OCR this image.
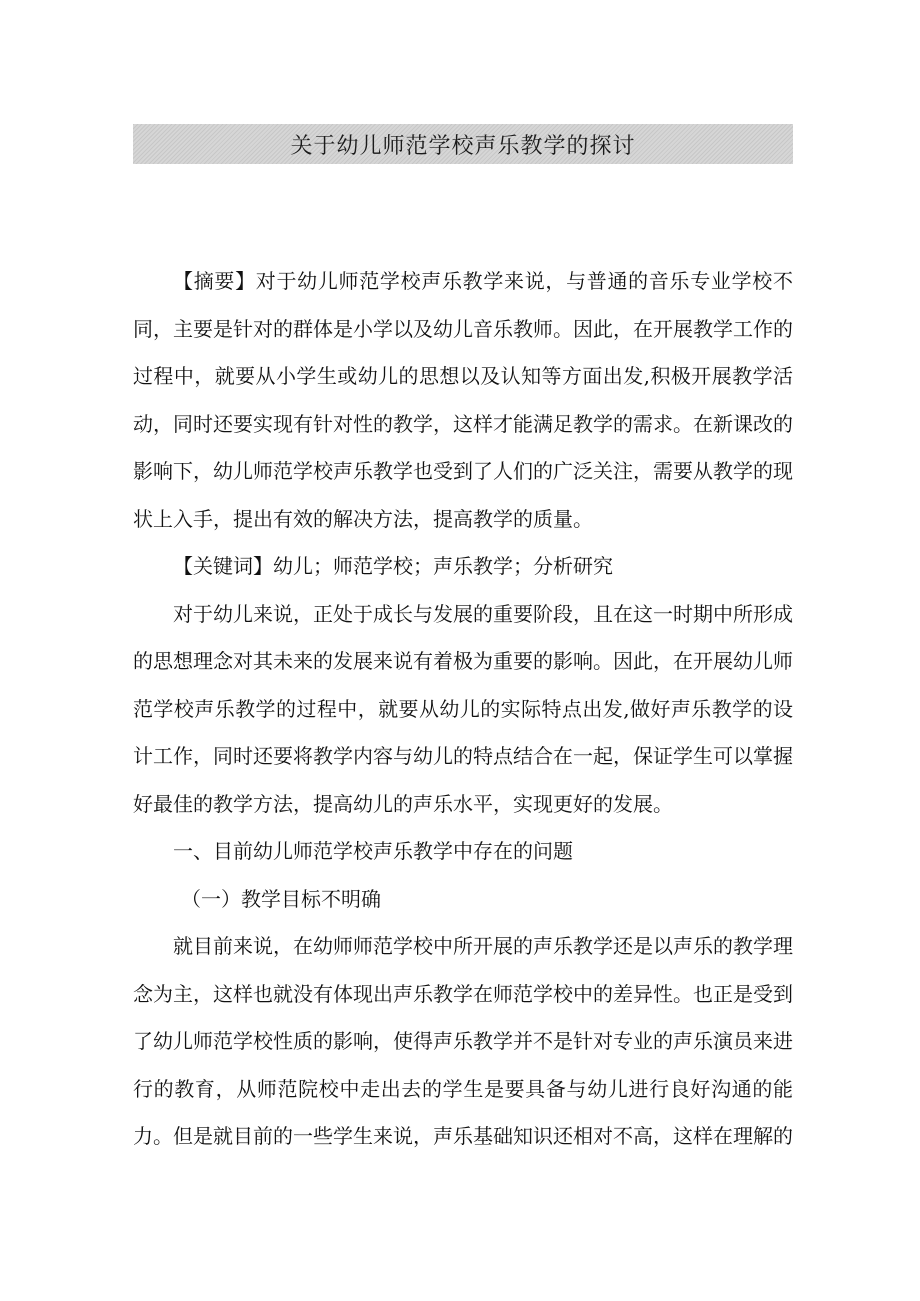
关于幼儿师范学校声乐教学的探讨

【摘要】对于幼儿师范学校声乐教学来说，与普通的音乐专业学校不同，主要是针对的群体是小学以及幼儿音乐教师。因此，在开展教学工作的过程中，就要从小学生或幼儿的思想以及认知等方面出发,积极开展教学活动，同时还要实现有针对性的教学，这样才能满足教学的需求。在新课改的影响下，幼儿师范学校声乐教学也受到了人们的广泛关注，需要从教学的现状上入手，提出有效的解决方法，提高教学的质量。

【关键词】幼儿；师范学校；声乐教学；分析研究

对于幼儿来说，正处于成长与发展的重要阶段，且在这一时期中所形成的思想理念对其未来的发展来说有着极为重要的影响。因此，在开展幼儿师范学校声乐教学的过程中，就要从幼儿的实际特点出发,做好声乐教学的设计工作，同时还要将教学内容与幼儿的特点结合在一起，保证学生可以掌握好最佳的教学方法，提高幼儿的声乐水平，实现更好的发展。

一、目前幼儿师范学校声乐教学中存在的问题

（一）教学目标不明确

就目前来说，在幼师师范学校中所开展的声乐教学还是以声乐的教学理念为主，这样也就没有体现出声乐教学在师范学校中的差异性。也正是受到了幼儿师范学校性质的影响，使得声乐教学并不是针对专业的声乐演员来进行的教育，从师范院校中走出去的学生是要具备与幼儿进行良好沟通的能力。但是就目前的一些学生来说，声乐基础知识还相对不高，这样在理解的
